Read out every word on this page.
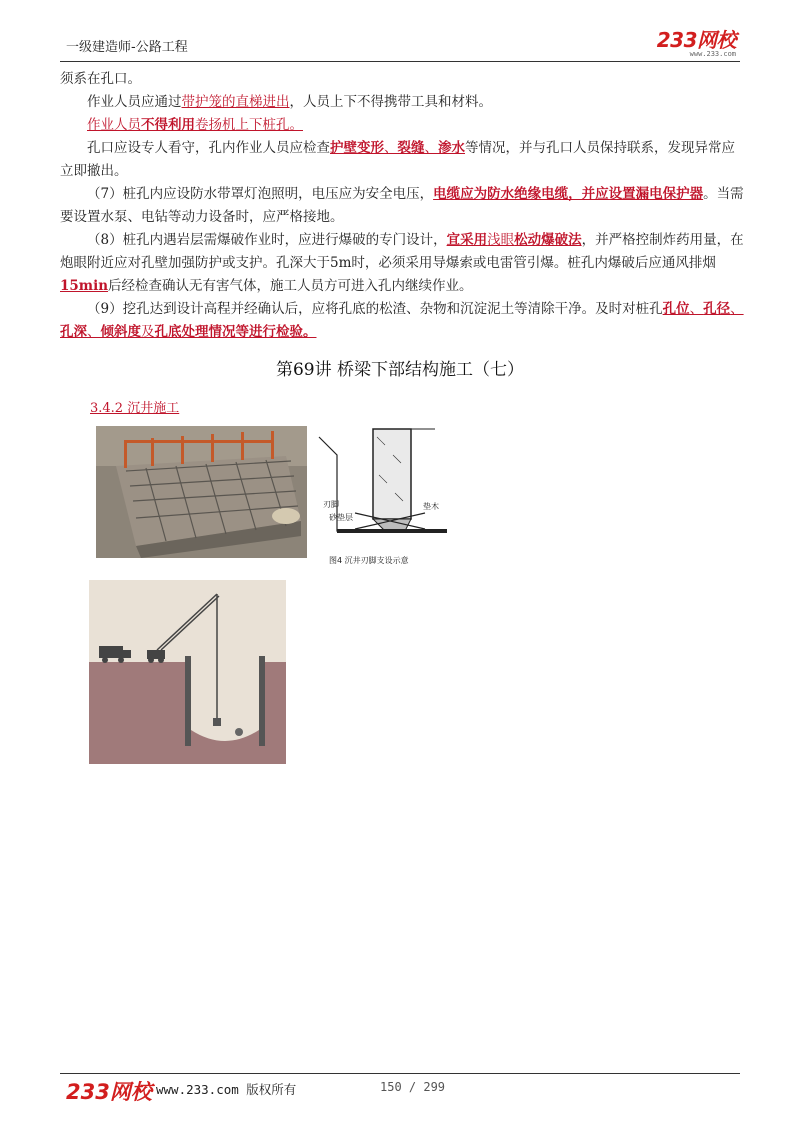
一级建造师-公路工程	233网校
www.233.com

须系在孔口。

作业人员应通过带护笼的直梯进出，人员上下不得携带工具和材料。

作业人员不得利用卷扬机上下桩孔。

孔口应设专人看守，孔内作业人员应检查护壁变形、裂缝、渗水等情况，并与孔口人员保持联系，发现异常应立即撤出。

（7）桩孔内应设防水带罩灯泡照明，电压应为安全电压，电缆应为防水绝缘电缆，并应设置漏电保护器。当需要设置水泵、电钻等动力设备时，应严格接地。

（8）桩孔内遇岩层需爆破作业时，应进行爆破的专门设计，宜采用浅眼松动爆破法，并严格控制炸药用量，在炮眼附近应对孔壁加强防护或支护。孔深大于5m时，必须采用导爆索或电雷管引爆。桩孔内爆破后应通风排烟15min后经检查确认无有害气体，施工人员方可进入孔内继续作业。

（9）挖孔达到设计高程并经确认后，应将孔底的松渣、杂物和沉淀泥土等清除干净。及时对桩孔孔位、孔径、孔深、倾斜度及孔底处理情况等进行检验。

第69讲 桥梁下部结构施工（七）
3.4.2 沉井施工
刃脚
砂垫层
垫木
图4 沉井刃脚支设示意
233网校 www.233.com 版权所有	150 / 299
